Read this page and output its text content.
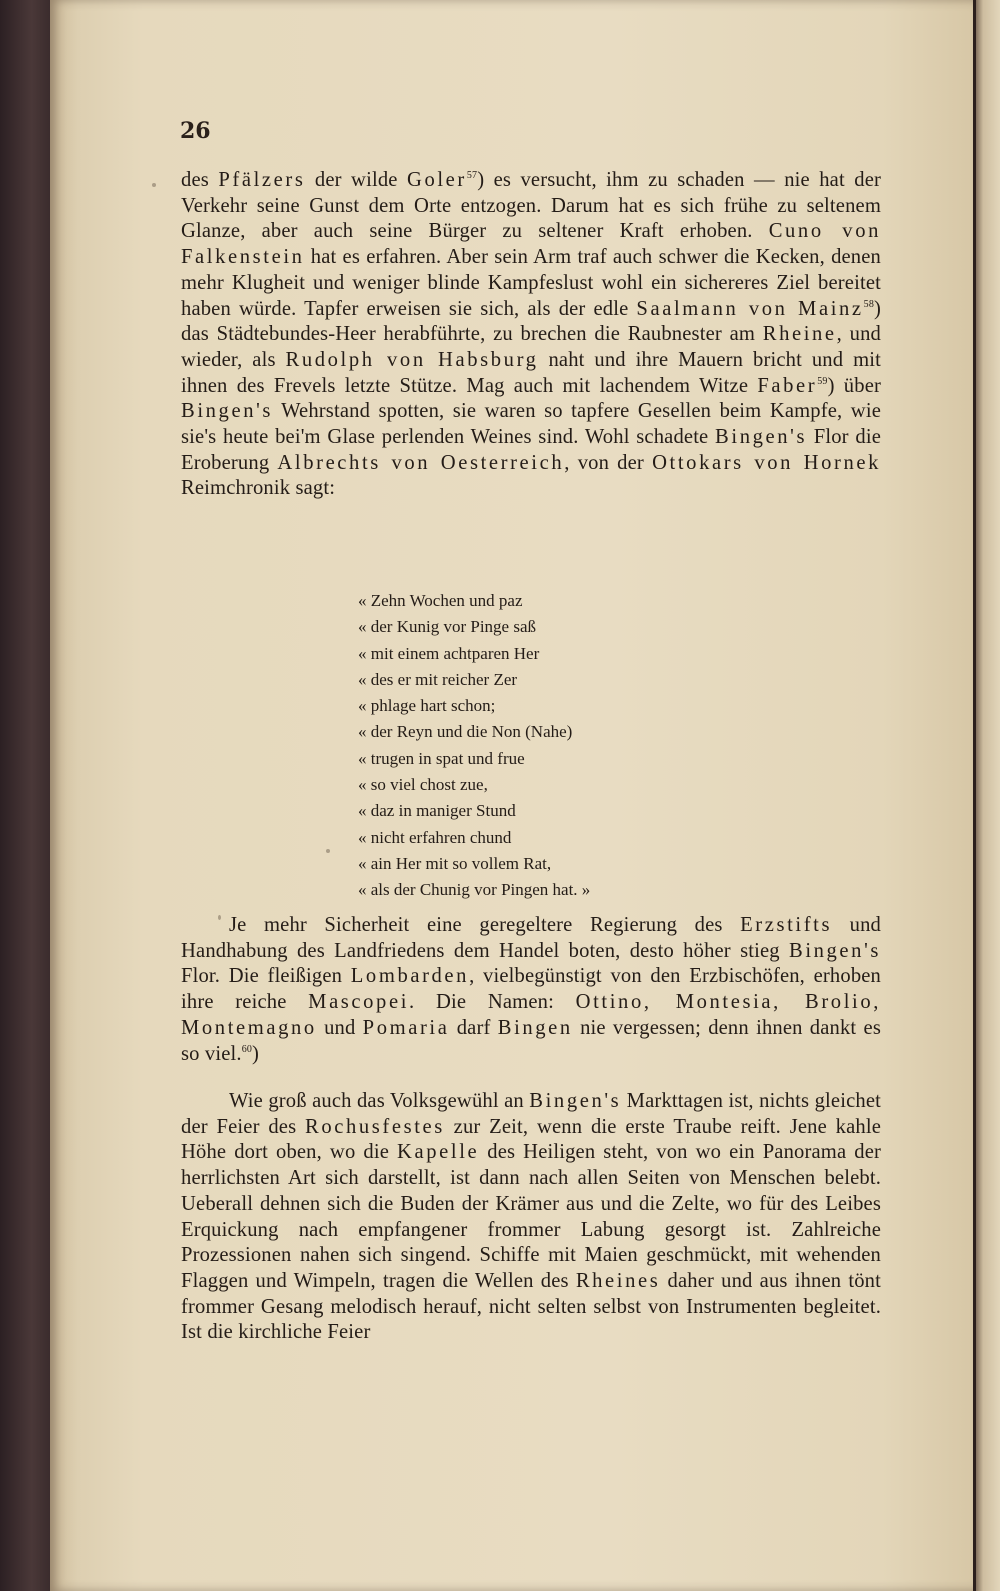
26

des Pfälzers der wilde Goler$^{57}$) es versucht, ihm zu schaden — nie hat der Verkehr seine Gunst dem Orte entzogen. Darum hat es sich frühe zu seltenem Glanze, aber auch seine Bürger zu seltener Kraft erhoben. Cuno von Falkenstein hat es erfahren. Aber sein Arm traf auch schwer die Kecken, denen mehr Klugheit und weniger blinde Kampfeslust wohl ein sichereres Ziel bereitet haben würde. Tapfer erweisen sie sich, als der edle Saalmann von Mainz$^{58}$) das Städtebundes-Heer herabführte, zu brechen die Raubnester am Rheine, und wieder, als Rudolph von Habsburg naht und ihre Mauern bricht und mit ihnen des Frevels letzte Stütze. Mag auch mit lachendem Witze Faber$^{59}$) über Bingen's Wehrstand spotten, sie waren so tapfere Gesellen beim Kampfe, wie sie's heute bei'm Glase perlenden Weines sind. Wohl schadete Bingen's Flor die Eroberung Albrechts von Oesterreich, von der Ottokars von Hornek Reimchronik sagt:

« Zehn Wochen und paz
« der Kunig vor Pinge saß
« mit einem achtparen Her
« des er mit reicher Zer
« phlage hart schon;
« der Reyn und die Non (Nahe)
« trugen in spat und frue
« so viel chost zue,
« daz in maniger Stund
« nicht erfahren chund
« ain Her mit so vollem Rat,
« als der Chunig vor Pingen hat. »

Je mehr Sicherheit eine geregeltere Regierung des Erzstifts und Handhabung des Landfriedens dem Handel boten, desto höher stieg Bingen's Flor. Die fleißigen Lombarden, vielbegünstigt von den Erzbischöfen, erhoben ihre reiche Mascopei. Die Namen: Ottino, Montesia, Brolio, Montemagno und Pomaria darf Bingen nie vergessen; denn ihnen dankt es so viel.$^{60}$)

Wie groß auch das Volksgewühl an Bingen's Markttagen ist, nichts gleichet der Feier des Rochusfestes zur Zeit, wenn die erste Traube reift. Jene kahle Höhe dort oben, wo die Kapelle des Heiligen steht, von wo ein Panorama der herrlichsten Art sich darstellt, ist dann nach allen Seiten von Menschen belebt. Ueberall dehnen sich die Buden der Krämer aus und die Zelte, wo für des Leibes Erquickung nach empfangener frommer Labung gesorgt ist. Zahlreiche Prozessionen nahen sich singend. Schiffe mit Maien geschmückt, mit wehenden Flaggen und Wimpeln, tragen die Wellen des Rheines daher und aus ihnen tönt frommer Gesang melodisch herauf, nicht selten selbst von Instrumenten begleitet. Ist die kirchliche Feier
